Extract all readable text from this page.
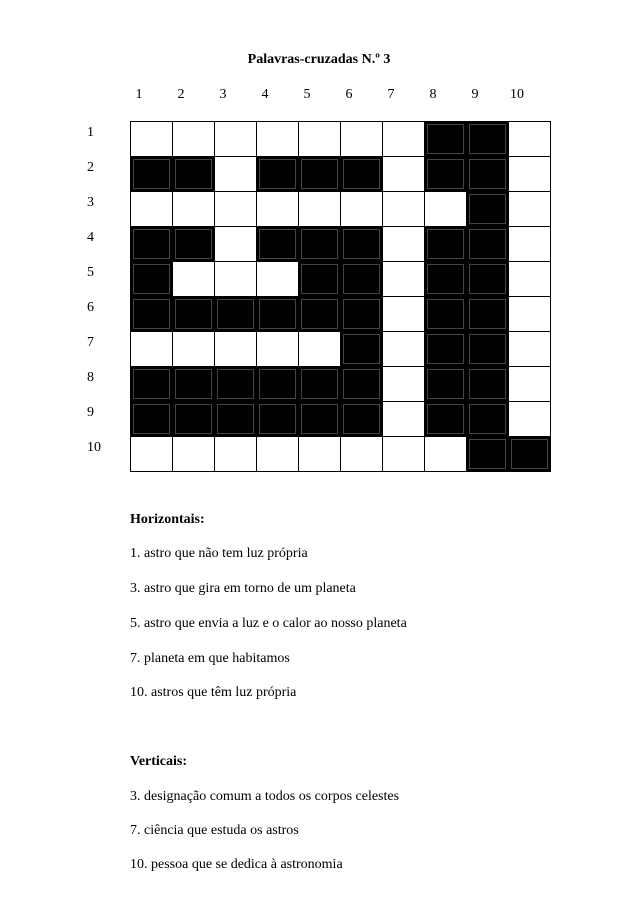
Palavras-cruzadas N.º 3
1	2	3	4	5	6	7	8	9	10
1
2
3
4
5
6
7
8
9
10
Horizontais:
1. astro que não tem luz própria
3. astro que gira em torno de um planeta
5. astro que envia a luz e o calor ao nosso planeta
7. planeta em que habitamos
10. astros que têm luz própria
Verticais:
3. designação comum a todos os corpos celestes
7. ciência que estuda os astros
10. pessoa que se dedica à astronomia
